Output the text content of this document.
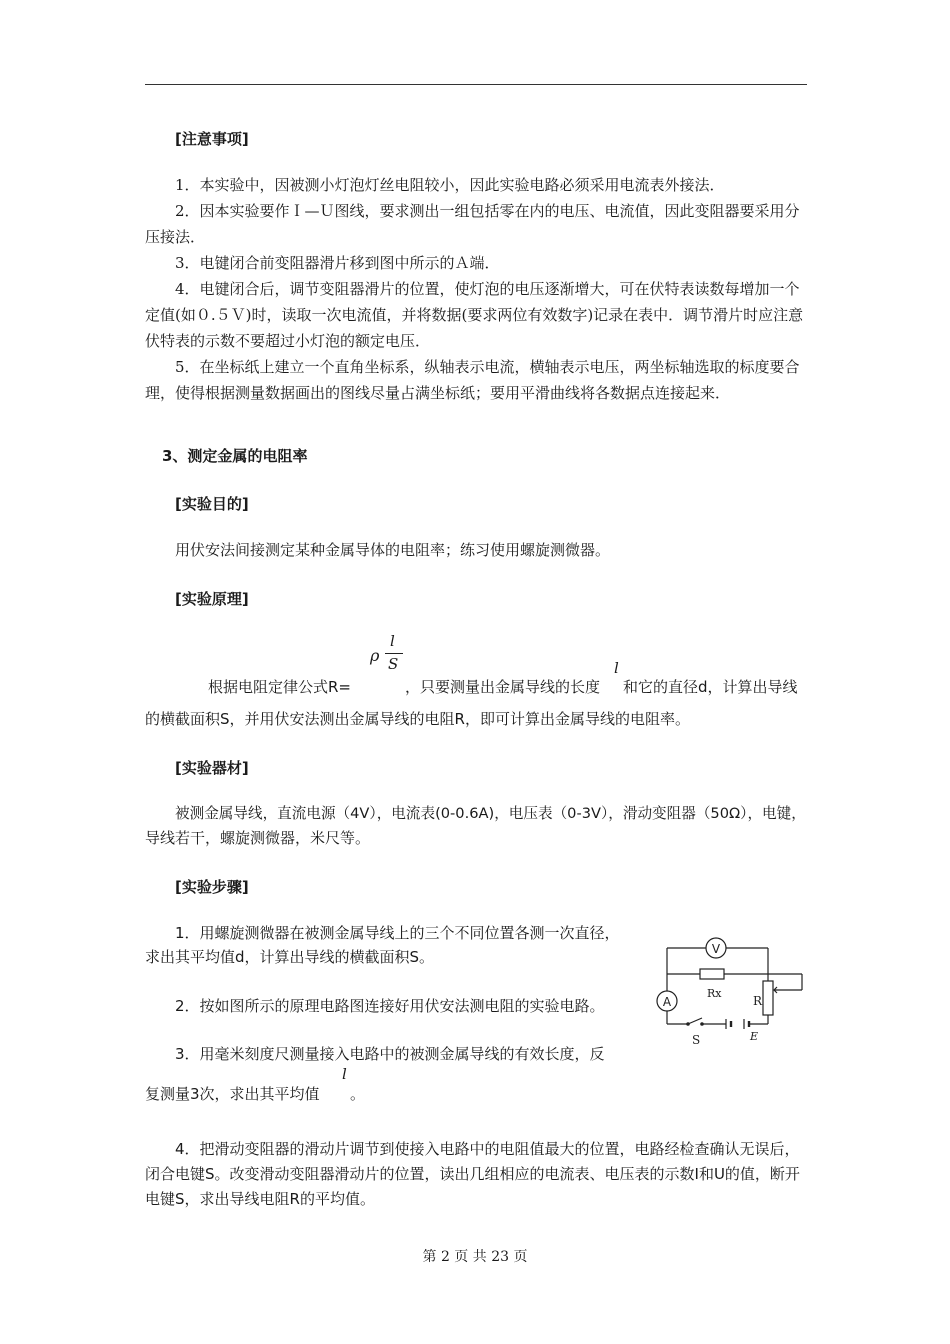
[注意事项]

1．本实验中，因被测小灯泡灯丝电阻较小，因此实验电路必须采用电流表外接法．

2．因本实验要作Ｉ—Ｕ图线，要求测出一组包括零在内的电压、电流值，因此变阻器要采用分压接法．

3．电键闭合前变阻器滑片移到图中所示的Ａ端．

4．电键闭合后，调节变阻器滑片的位置，使灯泡的电压逐渐增大，可在伏特表读数每增加一个定值(如０.５Ｖ)时，读取一次电流值，并将数据(要求两位有效数字)记录在表中．调节滑片时应注意伏特表的示数不要超过小灯泡的额定电压．

5．在坐标纸上建立一个直角坐标系，纵轴表示电流，横轴表示电压，两坐标轴选取的标度要合理，使得根据测量数据画出的图线尽量占满坐标纸；要用平滑曲线将各数据点连接起来．

3、测定金属的电阻率
[实验目的]
用伏安法间接测定某种金属导体的电阻率；练习使用螺旋测微器。
[实验原理]
根据电阻定律公式R=
ρ
l
S
，只要测量出金属导线的长度
l
和它的直径d，计算出导线
的横截面积S，并用伏安法测出金属导线的电阻R，即可计算出金属导线的电阻率。
[实验器材]
被测金属导线，直流电源（4V），电流表(0-0.6A)，电压表（0-3V），滑动变阻器（50Ω），电键，
导线若干，螺旋测微器，米尺等。
[实验步骤]
1．用螺旋测微器在被测金属导线上的三个不同位置各测一次直径，
求出其平均值d，计算出导线的横截面积S。
2．按如图所示的原理电路图连接好用伏安法测电阻的实验电路。
3．用毫米刻度尺测量接入电路中的被测金属导线的有效长度，反
复测量3次，求出其平均值
l
。

4．把滑动变阻器的滑动片调节到使接入电路中的电阻值最大的位置，电路经检查确认无误后，闭合电键S。改变滑动变阻器滑动片的位置，读出几组相应的电流表、电压表的示数I和U的值，断开电键S，求出导线电阻R的平均值。

V
A
Rx
R
S	E
第 2 页 共 23 页
